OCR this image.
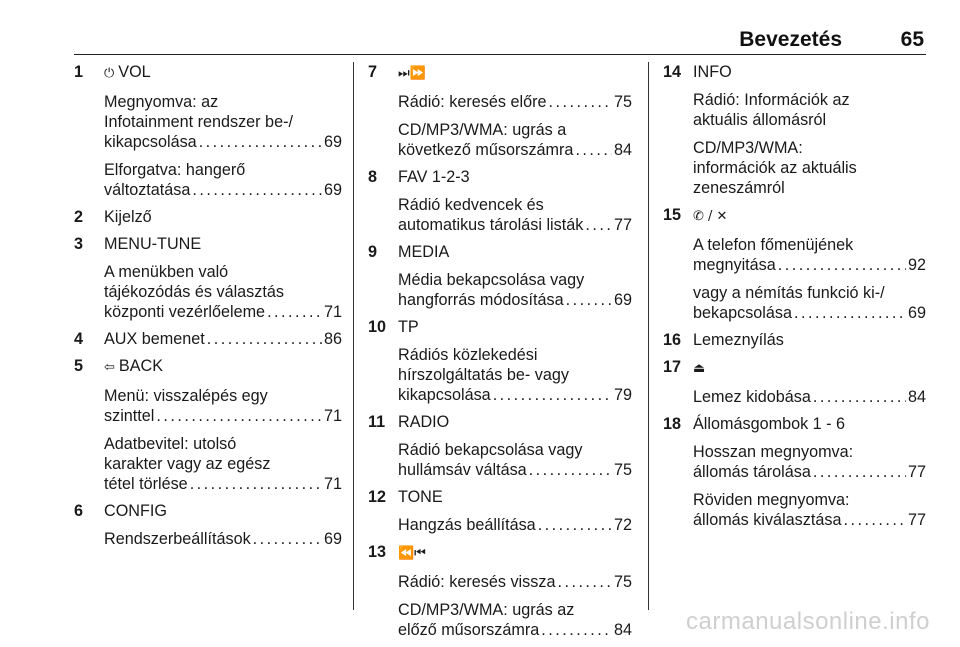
Bevezetés	65
1 ⏻ VOL
Megnyomva: az
Infotainment rendszer be-/
kikapcsolása . . .	69
Elforgatva: hangerő
változtatása . . .	69
2 Kijelző
3 MENU-TUNE
A menükben való
tájékozódás és választás
központi vezérlőeleme . . .	71
4 AUX bemenet . . .	86
5 ⇦ BACK
Menü: visszalépés egy
szinttel . . .	71
Adatbevitel: utolsó
karakter vagy az egész
tétel törlése . . .	71
6 CONFIG
Rendszerbeállítások . . .	69
7 ⏭⏩
Rádió: keresés előre . . .	75
CD/MP3/WMA: ugrás a
következő műsorszámra . . .	84
8 FAV 1-2-3
Rádió kedvencek és
automatikus tárolási listák . . . 77
9 MEDIA
Média bekapcsolása vagy
hangforrás módosítása . . .	69
10 TP
Rádiós közlekedési
hírszolgáltatás be- vagy
kikapcsolása . . .	79
11 RADIO
Rádió bekapcsolása vagy
hullámsáv váltása . . .	75
12 TONE
Hangzás beállítása . . .	72
13 ⏪⏮
Rádió: keresés vissza . . .	75
CD/MP3/WMA: ugrás az
előző műsorszámra . . .	84
14 INFO
Rádió: Információk az
aktuális állomásról
CD/MP3/WMA:
információk az aktuális
zeneszámról
15 ✆ / ✕
A telefon főmenüjének
megnyitása . . .	92
vagy a némítás funkció ki-/
bekapcsolása . . .	69
16 Lemeznyílás
17 ⏏
Lemez kidobása . . .	84
18 Állomásgombok 1 - 6
Hosszan megnyomva:
állomás tárolása . . .	77
Röviden megnyomva:
állomás kiválasztása . . .	77
carmanualsonline.info
